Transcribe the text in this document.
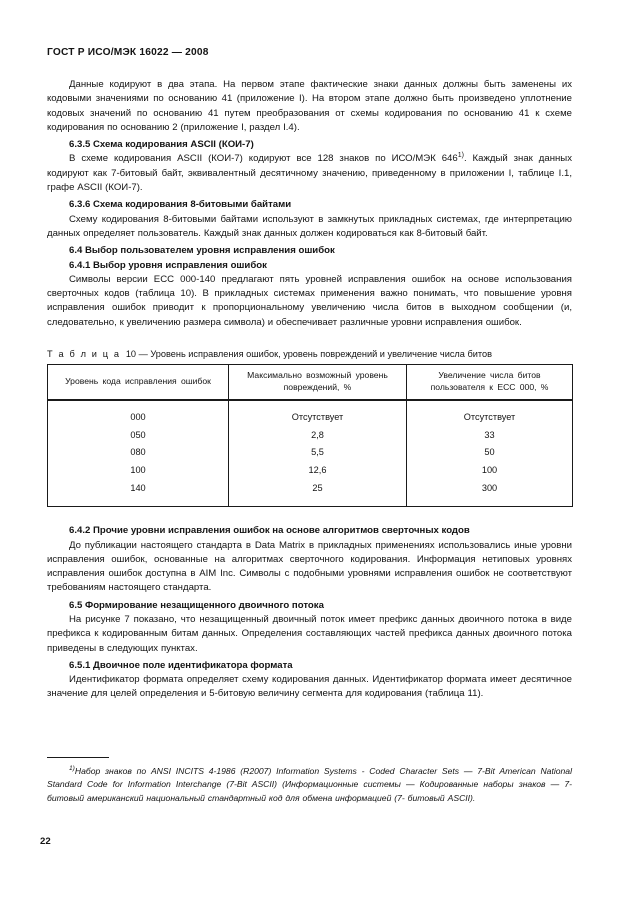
ГОСТ Р ИСО/МЭК 16022 — 2008

Данные кодируют в два этапа. На первом этапе фактические знаки данных должны быть заменены их кодовыми значениями по основанию 41 (приложение I). На втором этапе должно быть произведено уплотнение кодовых значений по основанию 41 путем преобразования от схемы кодирования по основанию 41 к схеме кодирования по основанию 2 (приложение I, раздел I.4).

6.3.5 Схема кодирования ASCII (КОИ-7)

В схеме кодирования ASCII (КОИ-7) кодируют все 128 знаков по ИСО/МЭК 646$^{1)}$. Каждый знак данных кодируют как 7-битовый байт, эквивалентный десятичному значению, приведенному в приложении I, таблице I.1, графе ASCII (КОИ-7).

6.3.6 Схема кодирования 8-битовыми байтами

Схему кодирования 8-битовыми байтами используют в замкнутых прикладных системах, где интерпретацию данных определяет пользователь. Каждый знак данных должен кодироваться как 8-битовый байт.

6.4 Выбор пользователем уровня исправления ошибок
6.4.1 Выбор уровня исправления ошибок

Символы версии ECC 000-140 предлагают пять уровней исправления ошибок на основе использования сверточных кодов (таблица 10). В прикладных системах применения важно понимать, что повышение уровня исправления ошибок приводит к пропорциональному увеличению числа битов в выходном сообщении (и, следовательно, к увеличению размера символа) и обеспечивает различные уровни исправления ошибок.

Т а б л и ц а 10 — Уровень исправления ошибок, уровень повреждений и увеличение числа битов

Уровень кода исправления ошибок	Максимально возможный уровень повреждений, %	Увеличение числа битов пользователя к ECC 000, %
000	Отсутствует	Отсутствует
050	2,8	33
080	5,5	50
100	12,6	100
140	25	300
6.4.2 Прочие уровни исправления ошибок на основе алгоритмов сверточных кодов

До публикации настоящего стандарта в Data Matrix в прикладных применениях использовались иные уровни исправления ошибок, основанные на алгоритмах сверточного кодирования. Информация нетиповых уровнях исправления ошибок доступна в AIM Inc. Символы с подобными уровнями исправления ошибок не соответствуют требованиям настоящего стандарта.

6.5 Формирование незащищенного двоичного потока

На рисунке 7 показано, что незащищенный двоичный поток имеет префикс данных двоичного потока в виде префикса к кодированным битам данных. Определения составляющих частей префикса данных двоичного потока приведены в следующих пунктах.

6.5.1 Двоичное поле идентификатора формата

Идентификатор формата определяет схему кодирования данных. Идентификатор формата имеет десятичное значение для целей определения и 5-битовую величину сегмента для кодирования (таблица 11).

$^{1)}$Набор знаков по ANSI INCITS 4-1986 (R2007) Information Systems - Coded Character Sets — 7-Bit American National Standard Code for Information Interchange (7-Bit ASCII) (Информационные системы — Кодированные наборы знаков — 7-битовый американский национальный стандартный код для обмена информацией (7- битовый ASCII).

22
